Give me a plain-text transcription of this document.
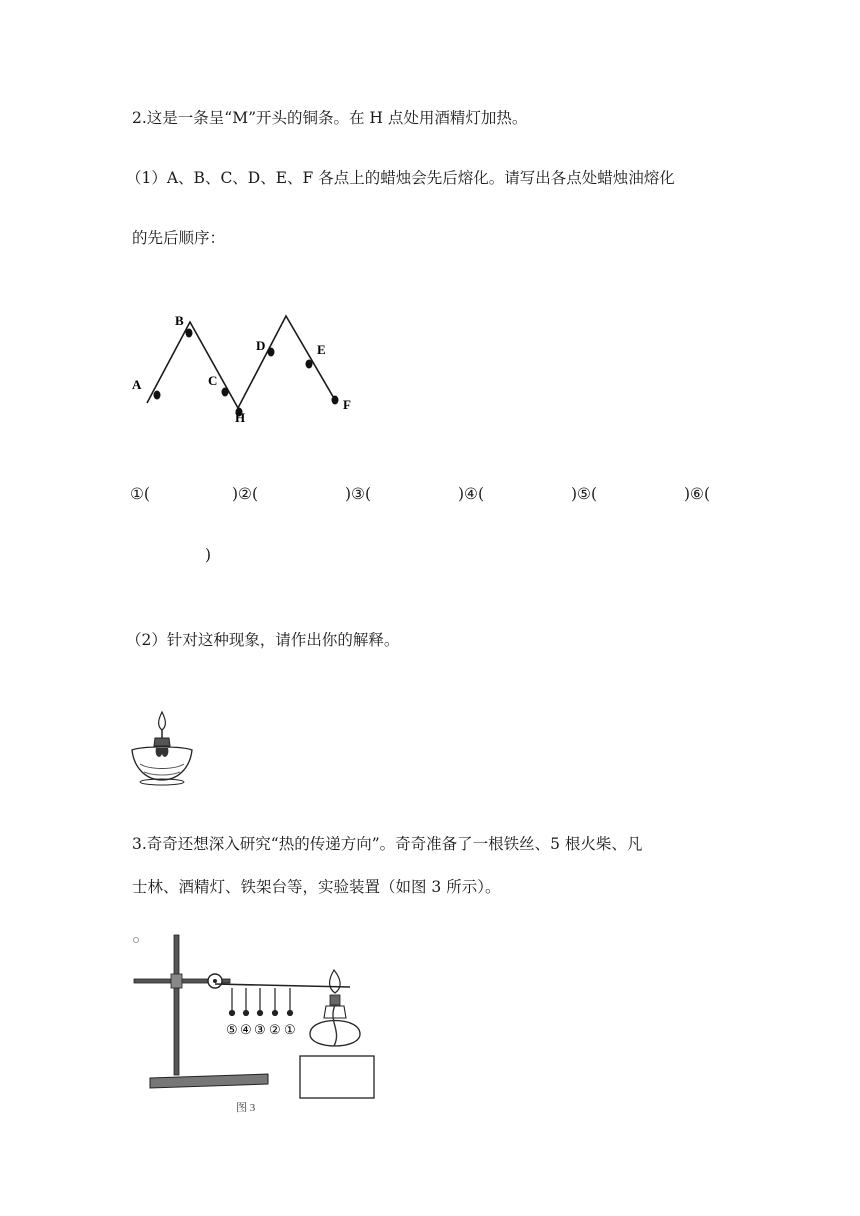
2.这是一条呈“M”开头的铜条。在 H 点处用酒精灯加热。
（1）A、B、C、D、E、F 各点上的蜡烛会先后熔化。请写出各点处蜡烛油熔化
的先后顺序：
A
B
C
H
D	E
F
①(	)②(	)③(	)④(	)⑤(	)⑥(
)
（2）针对这种现象，请作出你的解释。
3.奇奇还想深入研究“热的传递方向”。奇奇准备了一根铁丝、5 根火柴、凡
士林、酒精灯、铁架台等，实验装置（如图 3 所示）。
⑤ ④ ③ ② ①
图 3
